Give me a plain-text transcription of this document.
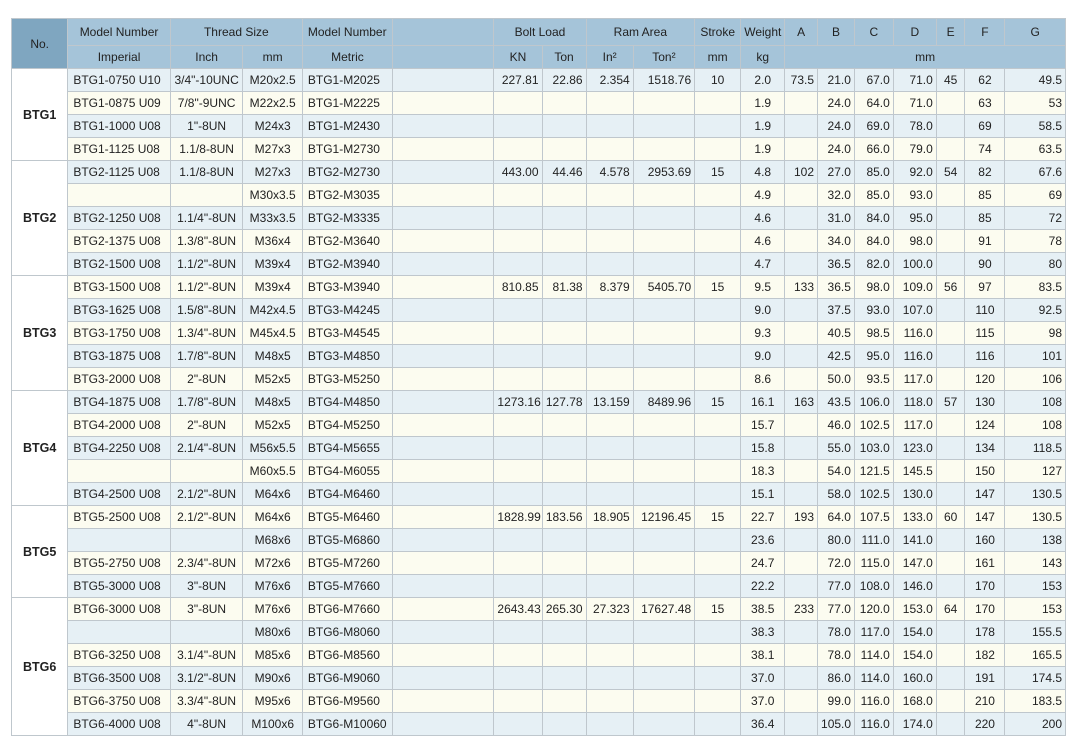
No.	Model Number	Thread Size		Model Number		Bolt Load		Ram Area		Stroke	Weight	A	B	C	D	E	F	G
	Imperial	Inch	mm	Metric		KN	Ton	In²	Ton²	mm	kg	mm						
BTG1	BTG1-0750 U10	3/4"-10UNC	M20x2.5	BTG1-M2025		227.81	22.86	2.354	1518.76	10	2.0	73.5	21.0	67.0	71.0	45	62	49.5
	BTG1-0875 U09	7/8"-9UNC	M22x2.5	BTG1-M2225							1.9		24.0	64.0	71.0		63	53
	BTG1-1000 U08	1"-8UN	M24x3	BTG1-M2430							1.9		24.0	69.0	78.0		69	58.5
	BTG1-1125 U08	1.1/8-8UN	M27x3	BTG1-M2730							1.9		24.0	66.0	79.0		74	63.5
BTG2	BTG2-1125 U08	1.1/8-8UN	M27x3	BTG2-M2730		443.00	44.46	4.578	2953.69	15	4.8	102	27.0	85.0	92.0	54	82	67.6
			M30x3.5	BTG2-M3035							4.9		32.0	85.0	93.0		85	69
	BTG2-1250 U08	1.1/4"-8UN	M33x3.5	BTG2-M3335							4.6		31.0	84.0	95.0		85	72
	BTG2-1375 U08	1.3/8"-8UN	M36x4	BTG2-M3640							4.6		34.0	84.0	98.0		91	78
	BTG2-1500 U08	1.1/2"-8UN	M39x4	BTG2-M3940							4.7		36.5	82.0	100.0		90	80
BTG3	BTG3-1500 U08	1.1/2"-8UN	M39x4	BTG3-M3940		810.85	81.38	8.379	5405.70	15	9.5	133	36.5	98.0	109.0	56	97	83.5
	BTG3-1625 U08	1.5/8"-8UN	M42x4.5	BTG3-M4245							9.0		37.5	93.0	107.0		110	92.5
	BTG3-1750 U08	1.3/4"-8UN	M45x4.5	BTG3-M4545							9.3		40.5	98.5	116.0		115	98
	BTG3-1875 U08	1.7/8"-8UN	M48x5	BTG3-M4850							9.0		42.5	95.0	116.0		116	101
	BTG3-2000 U08	2"-8UN	M52x5	BTG3-M5250							8.6		50.0	93.5	117.0		120	106
BTG4	BTG4-1875 U08	1.7/8"-8UN	M48x5	BTG4-M4850		1273.16	127.78	13.159	8489.96	15	16.1	163	43.5	106.0	118.0	57	130	108
	BTG4-2000 U08	2"-8UN	M52x5	BTG4-M5250							15.7		46.0	102.5	117.0		124	108
	BTG4-2250 U08	2.1/4"-8UN	M56x5.5	BTG4-M5655							15.8		55.0	103.0	123.0		134	118.5
			M60x5.5	BTG4-M6055							18.3		54.0	121.5	145.5		150	127
	BTG4-2500 U08	2.1/2"-8UN	M64x6	BTG4-M6460							15.1		58.0	102.5	130.0		147	130.5
BTG5	BTG5-2500 U08	2.1/2"-8UN	M64x6	BTG5-M6460		1828.99	183.56	18.905	12196.45	15	22.7	193	64.0	107.5	133.0	60	147	130.5
			M68x6	BTG5-M6860							23.6		80.0	111.0	141.0		160	138
	BTG5-2750 U08	2.3/4"-8UN	M72x6	BTG5-M7260							24.7		72.0	115.0	147.0		161	143
	BTG5-3000 U08	3"-8UN	M76x6	BTG5-M7660							22.2		77.0	108.0	146.0		170	153
BTG6	BTG6-3000 U08	3"-8UN	M76x6	BTG6-M7660		2643.43	265.30	27.323	17627.48	15	38.5	233	77.0	120.0	153.0	64	170	153
			M80x6	BTG6-M8060							38.3		78.0	117.0	154.0		178	155.5
	BTG6-3250 U08	3.1/4"-8UN	M85x6	BTG6-M8560							38.1		78.0	114.0	154.0		182	165.5
	BTG6-3500 U08	3.1/2"-8UN	M90x6	BTG6-M9060							37.0		86.0	114.0	160.0		191	174.5
	BTG6-3750 U08	3.3/4"-8UN	M95x6	BTG6-M9560							37.0		99.0	116.0	168.0		210	183.5
	BTG6-4000 U08	4"-8UN	M100x6	BTG6-M10060							36.4		105.0	116.0	174.0		220	200
